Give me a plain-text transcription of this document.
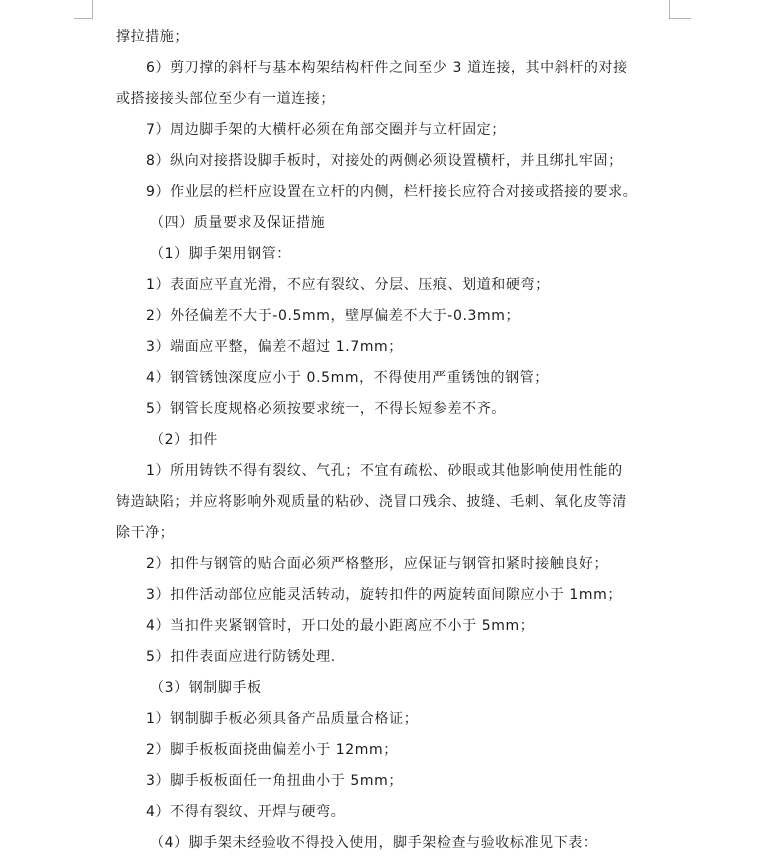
撑拉措施；
6）剪刀撑的斜杆与基本构架结构杆件之间至少 3 道连接，其中斜杆的对接
或搭接接头部位至少有一道连接；
7）周边脚手架的大横杆必须在角部交圈并与立杆固定；
8）纵向对接搭设脚手板时，对接处的两侧必须设置横杆，并且绑扎牢固；
9）作业层的栏杆应设置在立杆的内侧，栏杆接长应符合对接或搭接的要求。
（四）质量要求及保证措施
（1）脚手架用钢管：
1）表面应平直光滑，不应有裂纹、分层、压痕、划道和硬弯；
2）外径偏差不大于-0.5mm，壁厚偏差不大于-0.3mm；
3）端面应平整，偏差不超过 1.7mm；
4）钢管锈蚀深度应小于 0.5mm，不得使用严重锈蚀的钢管；
5）钢管长度规格必须按要求统一，不得长短参差不齐。
（2）扣件
1）所用铸铁不得有裂纹、气孔；不宜有疏松、砂眼或其他影响使用性能的
铸造缺陷；并应将影响外观质量的粘砂、浇冒口残余、披缝、毛刺、氧化皮等清
除干净；
2）扣件与钢管的贴合面必须严格整形，应保证与钢管扣紧时接触良好；
3）扣件活动部位应能灵活转动，旋转扣件的两旋转面间隙应小于 1mm；
4）当扣件夹紧钢管时，开口处的最小距离应不小于 5mm；
5）扣件表面应进行防锈处理.
（3）钢制脚手板
1）钢制脚手板必须具备产品质量合格证；
2）脚手板板面挠曲偏差小于 12mm；
3）脚手板板面任一角扭曲小于 5mm；
4）不得有裂纹、开焊与硬弯。
（4）脚手架未经验收不得投入使用，脚手架检查与验收标准见下表：
